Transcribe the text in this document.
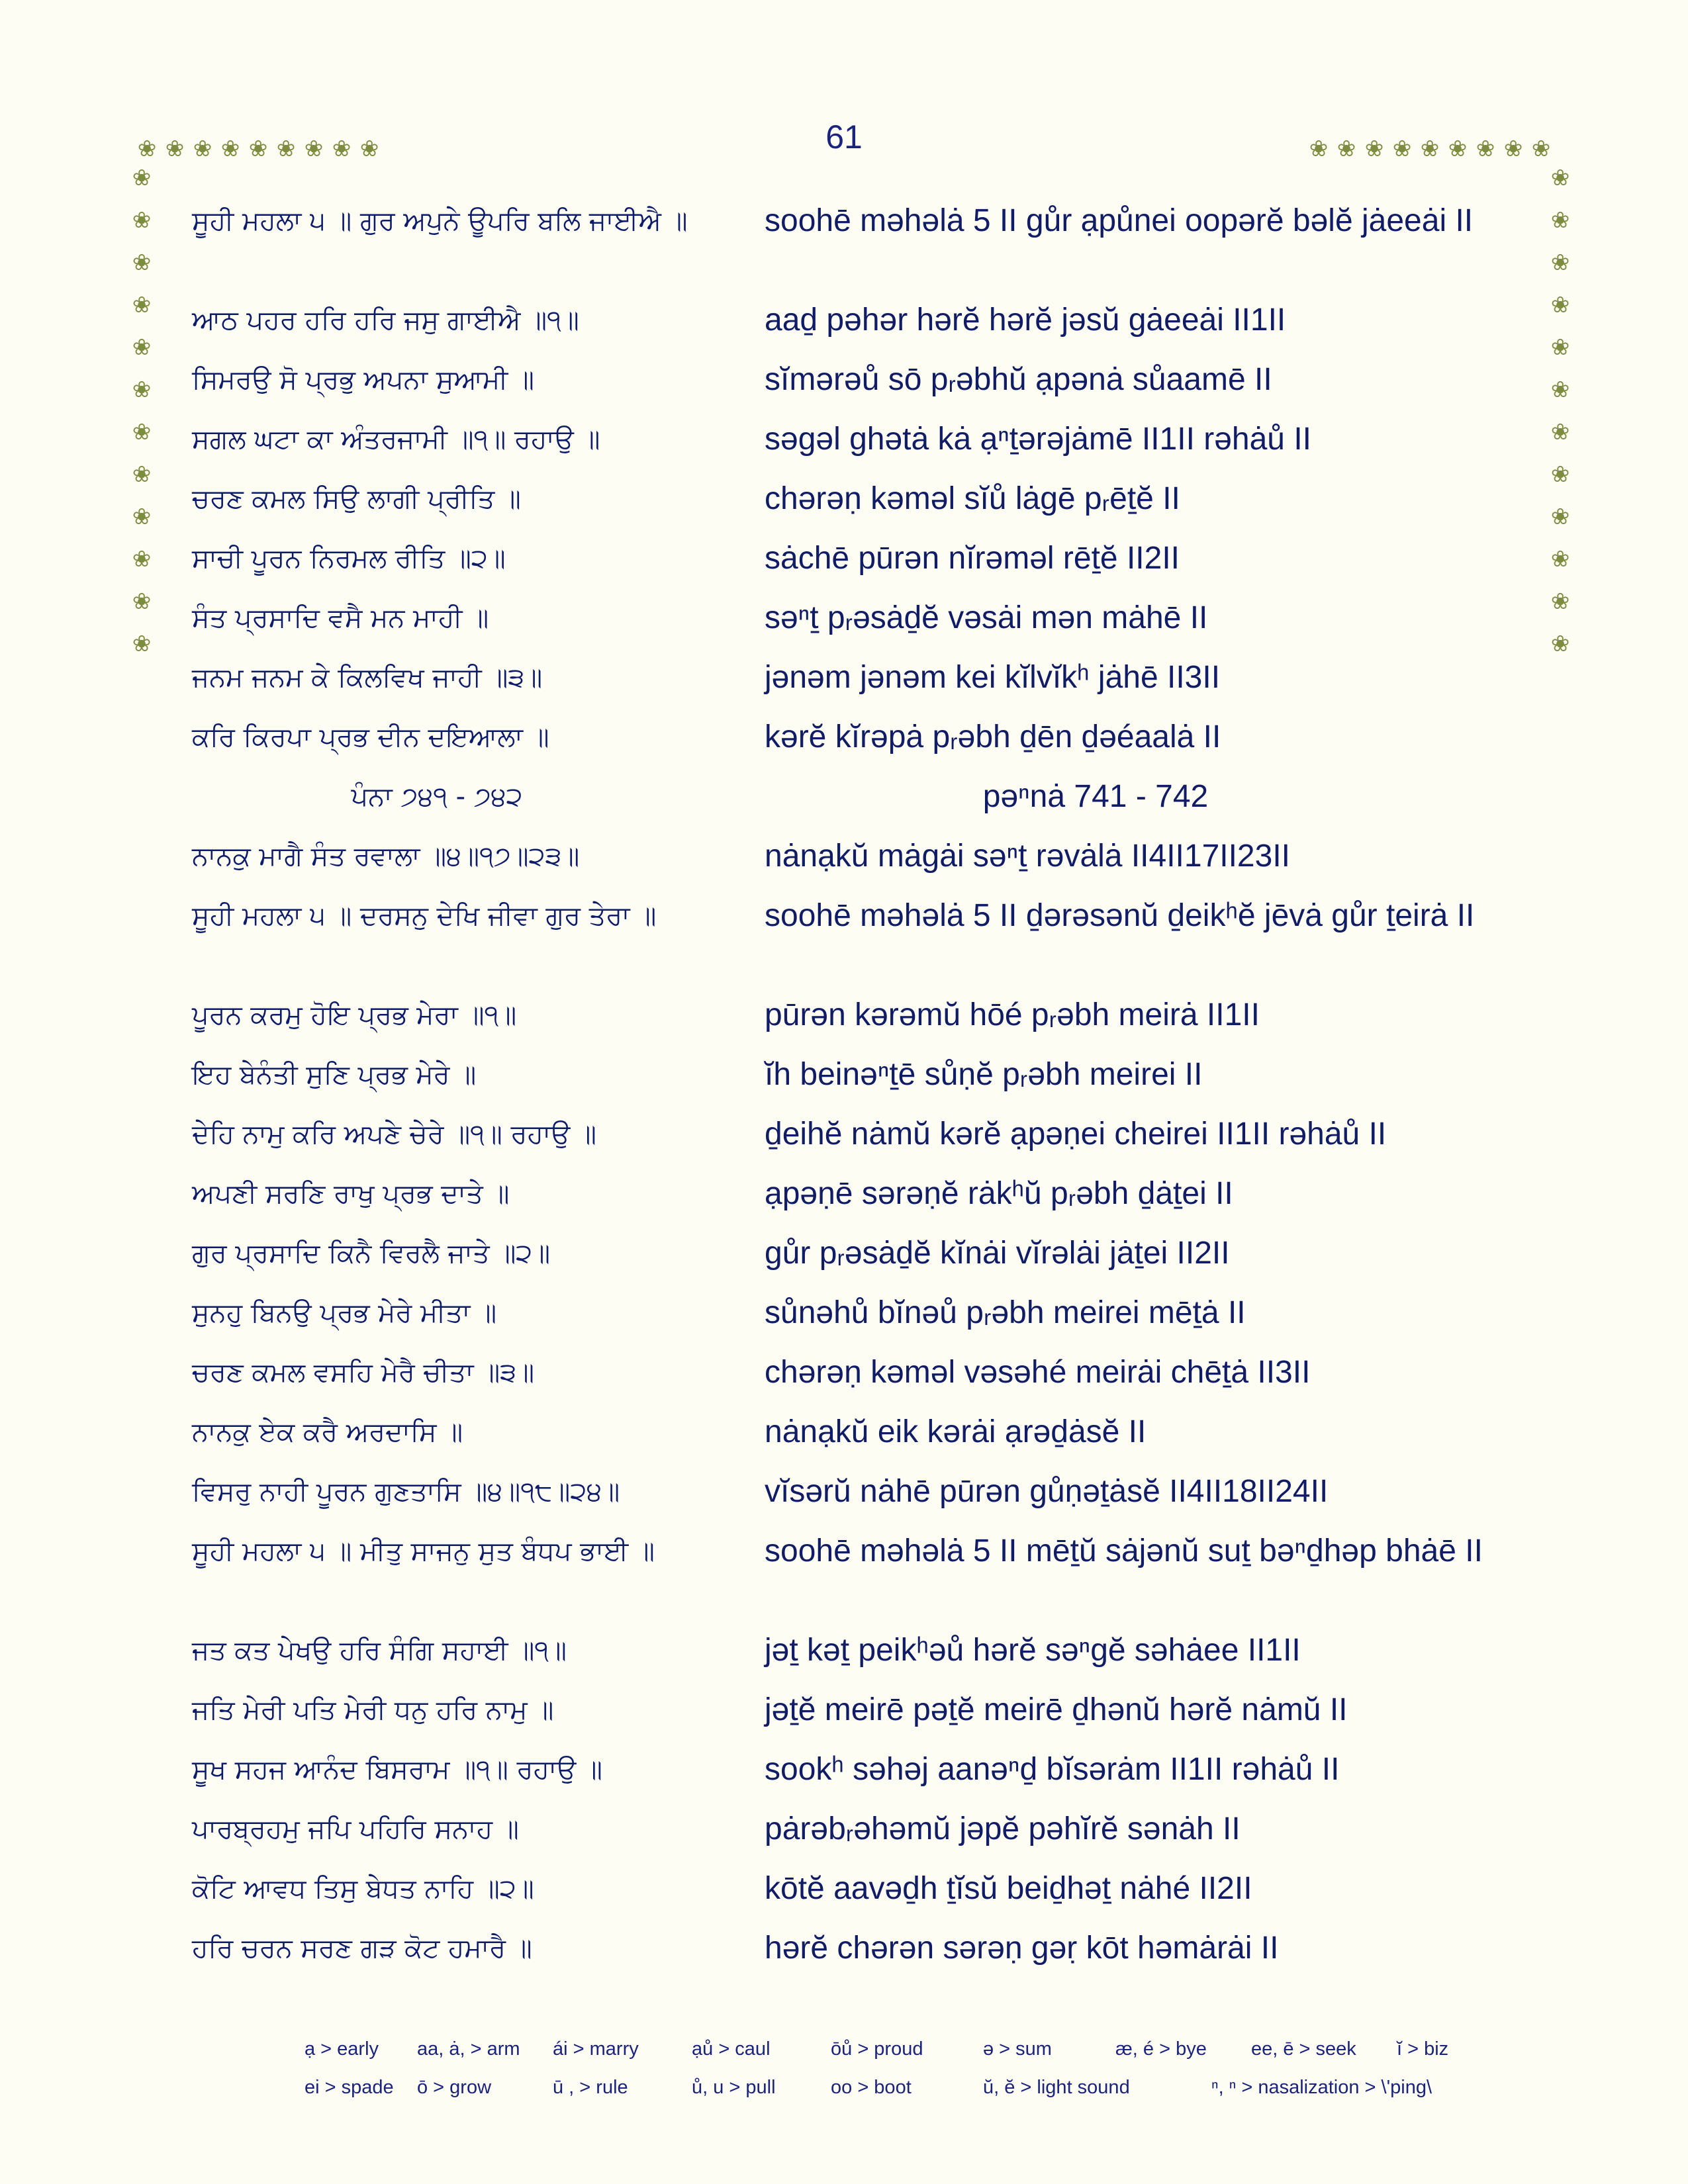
61
❀ ❀ ❀ ❀ ❀ ❀ ❀ ❀ ❀	❀ ❀ ❀ ❀ ❀ ❀ ❀ ❀ ❀
❀
❀
❀
❀
❀
❀
❀
❀
❀
❀
❀
❀
❀
❀
❀
❀
❀
❀
❀
❀
❀
❀
❀
❀
ਸੂਹੀ ਮਹਲਾ ੫ ॥ ਗੁਰ ਅਪੁਨੇ ਊਪਰਿ ਬਲਿ ਜਾਈਐ ॥	soohē məhəlȧ 5 II gůr ạpůnei oopərĕ bəlĕ jȧeeȧi II
ਆਠ ਪਹਰ ਹਰਿ ਹਰਿ ਜਸੁ ਗਾਈਐ ॥੧॥	aaḏ pəhər hərĕ hərĕ jəsŭ gȧeeȧi II1II
ਸਿਮਰਉ ਸੋ ਪ੍ਰਭੁ ਅਪਨਾ ਸੁਆਮੀ ॥	sĭmərəů sō pᵣəbhŭ ạpənȧ sůaamē II
ਸਗਲ ਘਟਾ ਕਾ ਅੰਤਰਜਾਮੀ ॥੧॥ ਰਹਾਉ ॥	səgəl ghətȧ kȧ ạⁿṯərəjȧmē II1II rəhȧů II
ਚਰਣ ਕਮਲ ਸਿਉ ਲਾਗੀ ਪ੍ਰੀਤਿ ॥	chərəṇ kəməl sĭů lȧgē pᵣēṯĕ II
ਸਾਚੀ ਪੂਰਨ ਨਿਰਮਲ ਰੀਤਿ ॥੨॥	sȧchē pūrən nĭrəməl rēṯĕ II2II
ਸੰਤ ਪ੍ਰਸਾਦਿ ਵਸੈ ਮਨ ਮਾਹੀ ॥	səⁿṯ pᵣəsȧḏĕ vəsȧi mən mȧhē II
ਜਨਮ ਜਨਮ ਕੇ ਕਿਲਵਿਖ ਜਾਹੀ ॥੩॥	jənəm jənəm kei kĭlvĭkʰ jȧhē II3II
ਕਰਿ ਕਿਰਪਾ ਪ੍ਰਭ ਦੀਨ ਦਇਆਲਾ ॥	kərĕ kĭrəpȧ pᵣəbh ḏēn ḏəéaalȧ II
ਪੰਨਾ ੭੪੧ - ੭੪੨	pəⁿnȧ 741 - 742
ਨਾਨਕੁ ਮਾਗੈ ਸੰਤ ਰਵਾਲਾ ॥੪॥੧੭॥੨੩॥	nȧnạkŭ mȧgȧi səⁿṯ rəvȧlȧ II4II17II23II
ਸੂਹੀ ਮਹਲਾ ੫ ॥ ਦਰਸਨੁ ਦੇਖਿ ਜੀਵਾ ਗੁਰ ਤੇਰਾ ॥	soohē məhəlȧ 5 II ḏərəsənŭ ḏeikʰĕ jēvȧ gůr ṯeirȧ II
ਪੂਰਨ ਕਰਮੁ ਹੋਇ ਪ੍ਰਭ ਮੇਰਾ ॥੧॥	pūrən kərəmŭ hōé pᵣəbh meirȧ II1II
ਇਹ ਬੇਨੰਤੀ ਸੁਣਿ ਪ੍ਰਭ ਮੇਰੇ ॥	ĭh beinəⁿṯē sůṇĕ pᵣəbh meirei II
ਦੇਹਿ ਨਾਮੁ ਕਰਿ ਅਪਣੇ ਚੇਰੇ ॥੧॥ ਰਹਾਉ ॥	ḏeihĕ nȧmŭ kərĕ ạpəṇei cheirei II1II rəhȧů II
ਅਪਣੀ ਸਰਣਿ ਰਾਖੁ ਪ੍ਰਭ ਦਾਤੇ ॥	ạpəṇē sərəṇĕ rȧkʰŭ pᵣəbh ḏȧṯei II
ਗੁਰ ਪ੍ਰਸਾਦਿ ਕਿਨੈ ਵਿਰਲੈ ਜਾਤੇ ॥੨॥	gůr pᵣəsȧḏĕ kĭnȧi vĭrəlȧi jȧṯei II2II
ਸੁਨਹੁ ਬਿਨਉ ਪ੍ਰਭ ਮੇਰੇ ਮੀਤਾ ॥	sůnəhů bĭnəů pᵣəbh meirei mēṯȧ II
ਚਰਣ ਕਮਲ ਵਸਹਿ ਮੇਰੈ ਚੀਤਾ ॥੩॥	chərəṇ kəməl vəsəhé meirȧi chēṯȧ II3II
ਨਾਨਕੁ ਏਕ ਕਰੈ ਅਰਦਾਸਿ ॥	nȧnạkŭ eik kərȧi ạrəḏȧsĕ II
ਵਿਸਰੁ ਨਾਹੀ ਪੂਰਨ ਗੁਣਤਾਸਿ ॥੪॥੧੮॥੨੪॥	vĭsərŭ nȧhē pūrən gůṇəṯȧsĕ II4II18II24II
ਸੂਹੀ ਮਹਲਾ ੫ ॥ ਮੀਤੁ ਸਾਜਨੁ ਸੁਤ ਬੰਧਪ ਭਾਈ ॥	soohē məhəlȧ 5 II mēṯŭ sȧjənŭ suṯ bəⁿḏhəp bhȧē II
ਜਤ ਕਤ ਪੇਖਉ ਹਰਿ ਸੰਗਿ ਸਹਾਈ ॥੧॥	jəṯ kəṯ peikʰəů hərĕ səⁿgĕ səhȧee II1II
ਜਤਿ ਮੇਰੀ ਪਤਿ ਮੇਰੀ ਧਨੁ ਹਰਿ ਨਾਮੁ ॥	jəṯĕ meirē pəṯĕ meirē ḏhənŭ hərĕ nȧmŭ II
ਸੂਖ ਸਹਜ ਆਨੰਦ ਬਿਸਰਾਮ ॥੧॥ ਰਹਾਉ ॥	sookʰ səhəj aanəⁿḏ bĭsərȧm II1II rəhȧů II
ਪਾਰਬ੍ਰਹਮੁ ਜਪਿ ਪਹਿਰਿ ਸਨਾਹ ॥	pȧrəbᵣəhəmŭ jəpĕ pəhĭrĕ sənȧh II
ਕੋਟਿ ਆਵਧ ਤਿਸੁ ਬੇਧਤ ਨਾਹਿ ॥੨॥	kōtĕ aavəḏh ṯĭsŭ beiḏhəṯ nȧhé II2II
ਹਰਿ ਚਰਨ ਸਰਣ ਗੜ ਕੋਟ ਹਮਾਰੈ ॥	hərĕ chərən sərəṇ gəṛ kōt həmȧrȧi II
ạ > early aa, ȧ, > arm ái > marry	ạů > caul	ōů > proud	ə > sum	æ, é > bye ee, ē > seek ĭ > biz
ei > spade ō > grow	ū , > rule	ů, u > pull	oo > boot	ŭ, ĕ > light sound	ⁿ, ⁿ > nasalization > \'ping\
